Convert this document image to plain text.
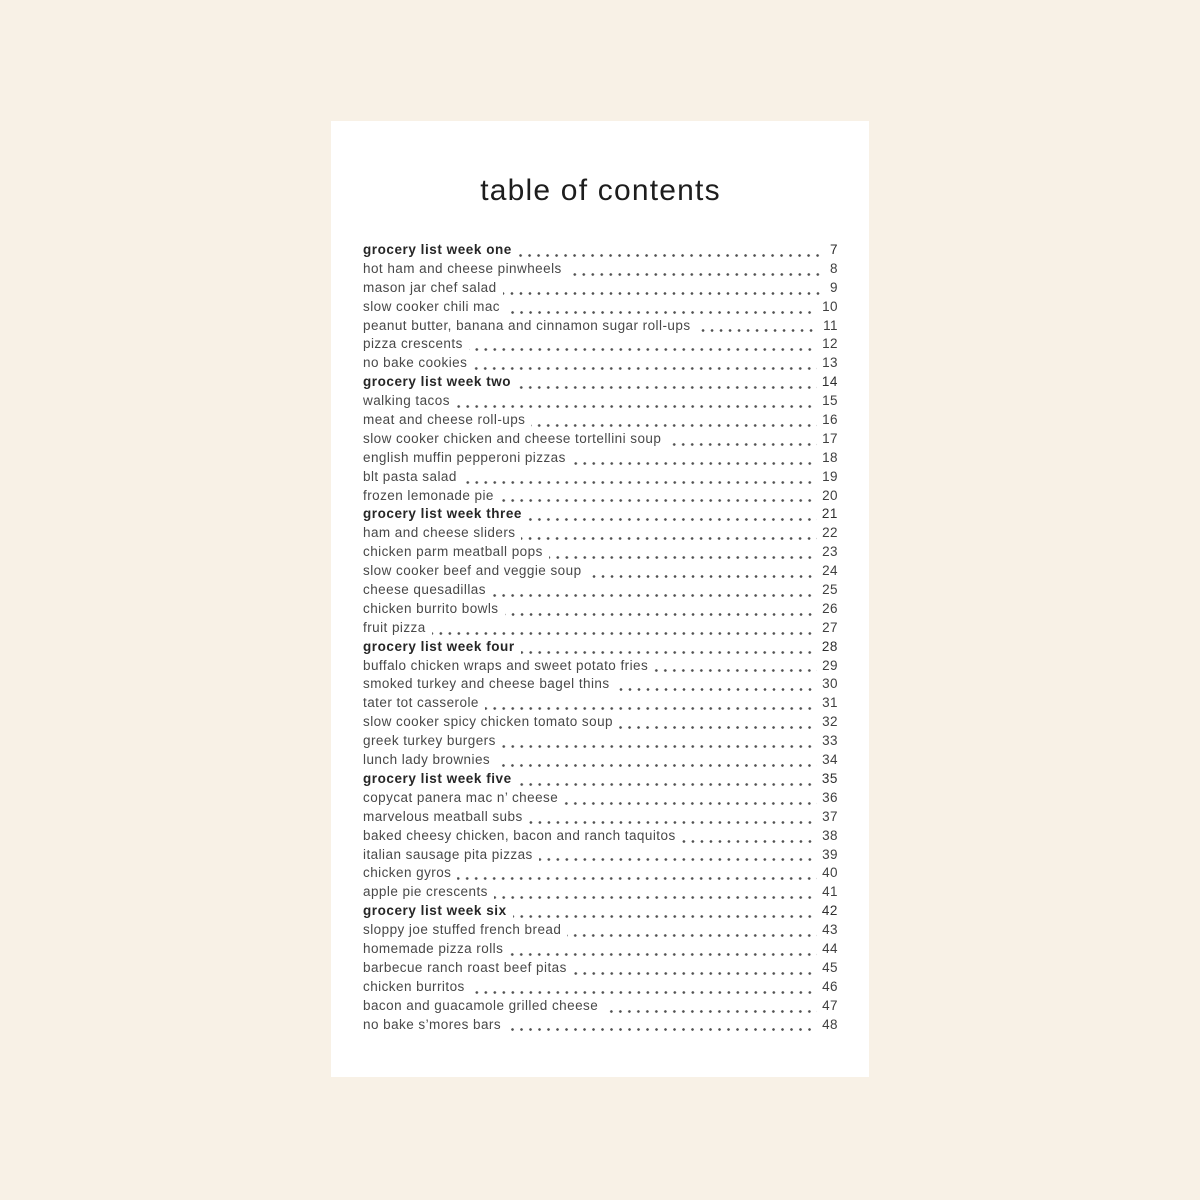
table of contents
grocery list week one	7
hot ham and cheese pinwheels	8
mason jar chef salad	9
slow cooker chili mac	10
peanut butter, banana and cinnamon sugar roll-ups	11
pizza crescents	12
no bake cookies	13
grocery list week two	14
walking tacos	15
meat and cheese roll-ups	16
slow cooker chicken and cheese tortellini soup	17
english muffin pepperoni pizzas	18
blt pasta salad	19
frozen lemonade pie	20
grocery list week three	21
ham and cheese sliders	22
chicken parm meatball pops	23
slow cooker beef and veggie soup	24
cheese quesadillas	25
chicken burrito bowls	26
fruit pizza	27
grocery list week four	28
buffalo chicken wraps and sweet potato fries	29
smoked turkey and cheese bagel thins	30
tater tot casserole	31
slow cooker spicy chicken tomato soup	32
greek turkey burgers	33
lunch lady brownies	34
grocery list week five	35
copycat panera mac n’ cheese	36
marvelous meatball subs	37
baked cheesy chicken, bacon and ranch taquitos	38
italian sausage pita pizzas	39
chicken gyros	40
apple pie crescents	41
grocery list week six	42
sloppy joe stuffed french bread	43
homemade pizza rolls	44
barbecue ranch roast beef pitas	45
chicken burritos	46
bacon and guacamole grilled cheese	47
no bake s’mores bars	48
